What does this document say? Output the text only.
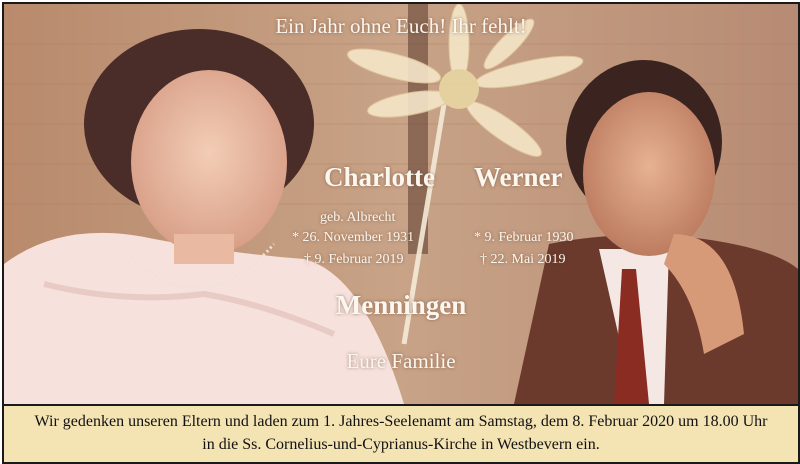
Ein Jahr ohne Euch! Ihr fehlt!
Charlotte Werner
geb. Albrecht
* 26. November 1931
† 9. Februar 2019
* 9. Februar 1930
† 22. Mai 2019
Menningen
Eure Familie
Wir gedenken unseren Eltern und laden zum 1. Jahres-Seelenamt am Samstag, dem 8. Februar 2020 um 18.00 Uhr
in die Ss. Cornelius-und-Cyprianus-Kirche in Westbevern ein.
